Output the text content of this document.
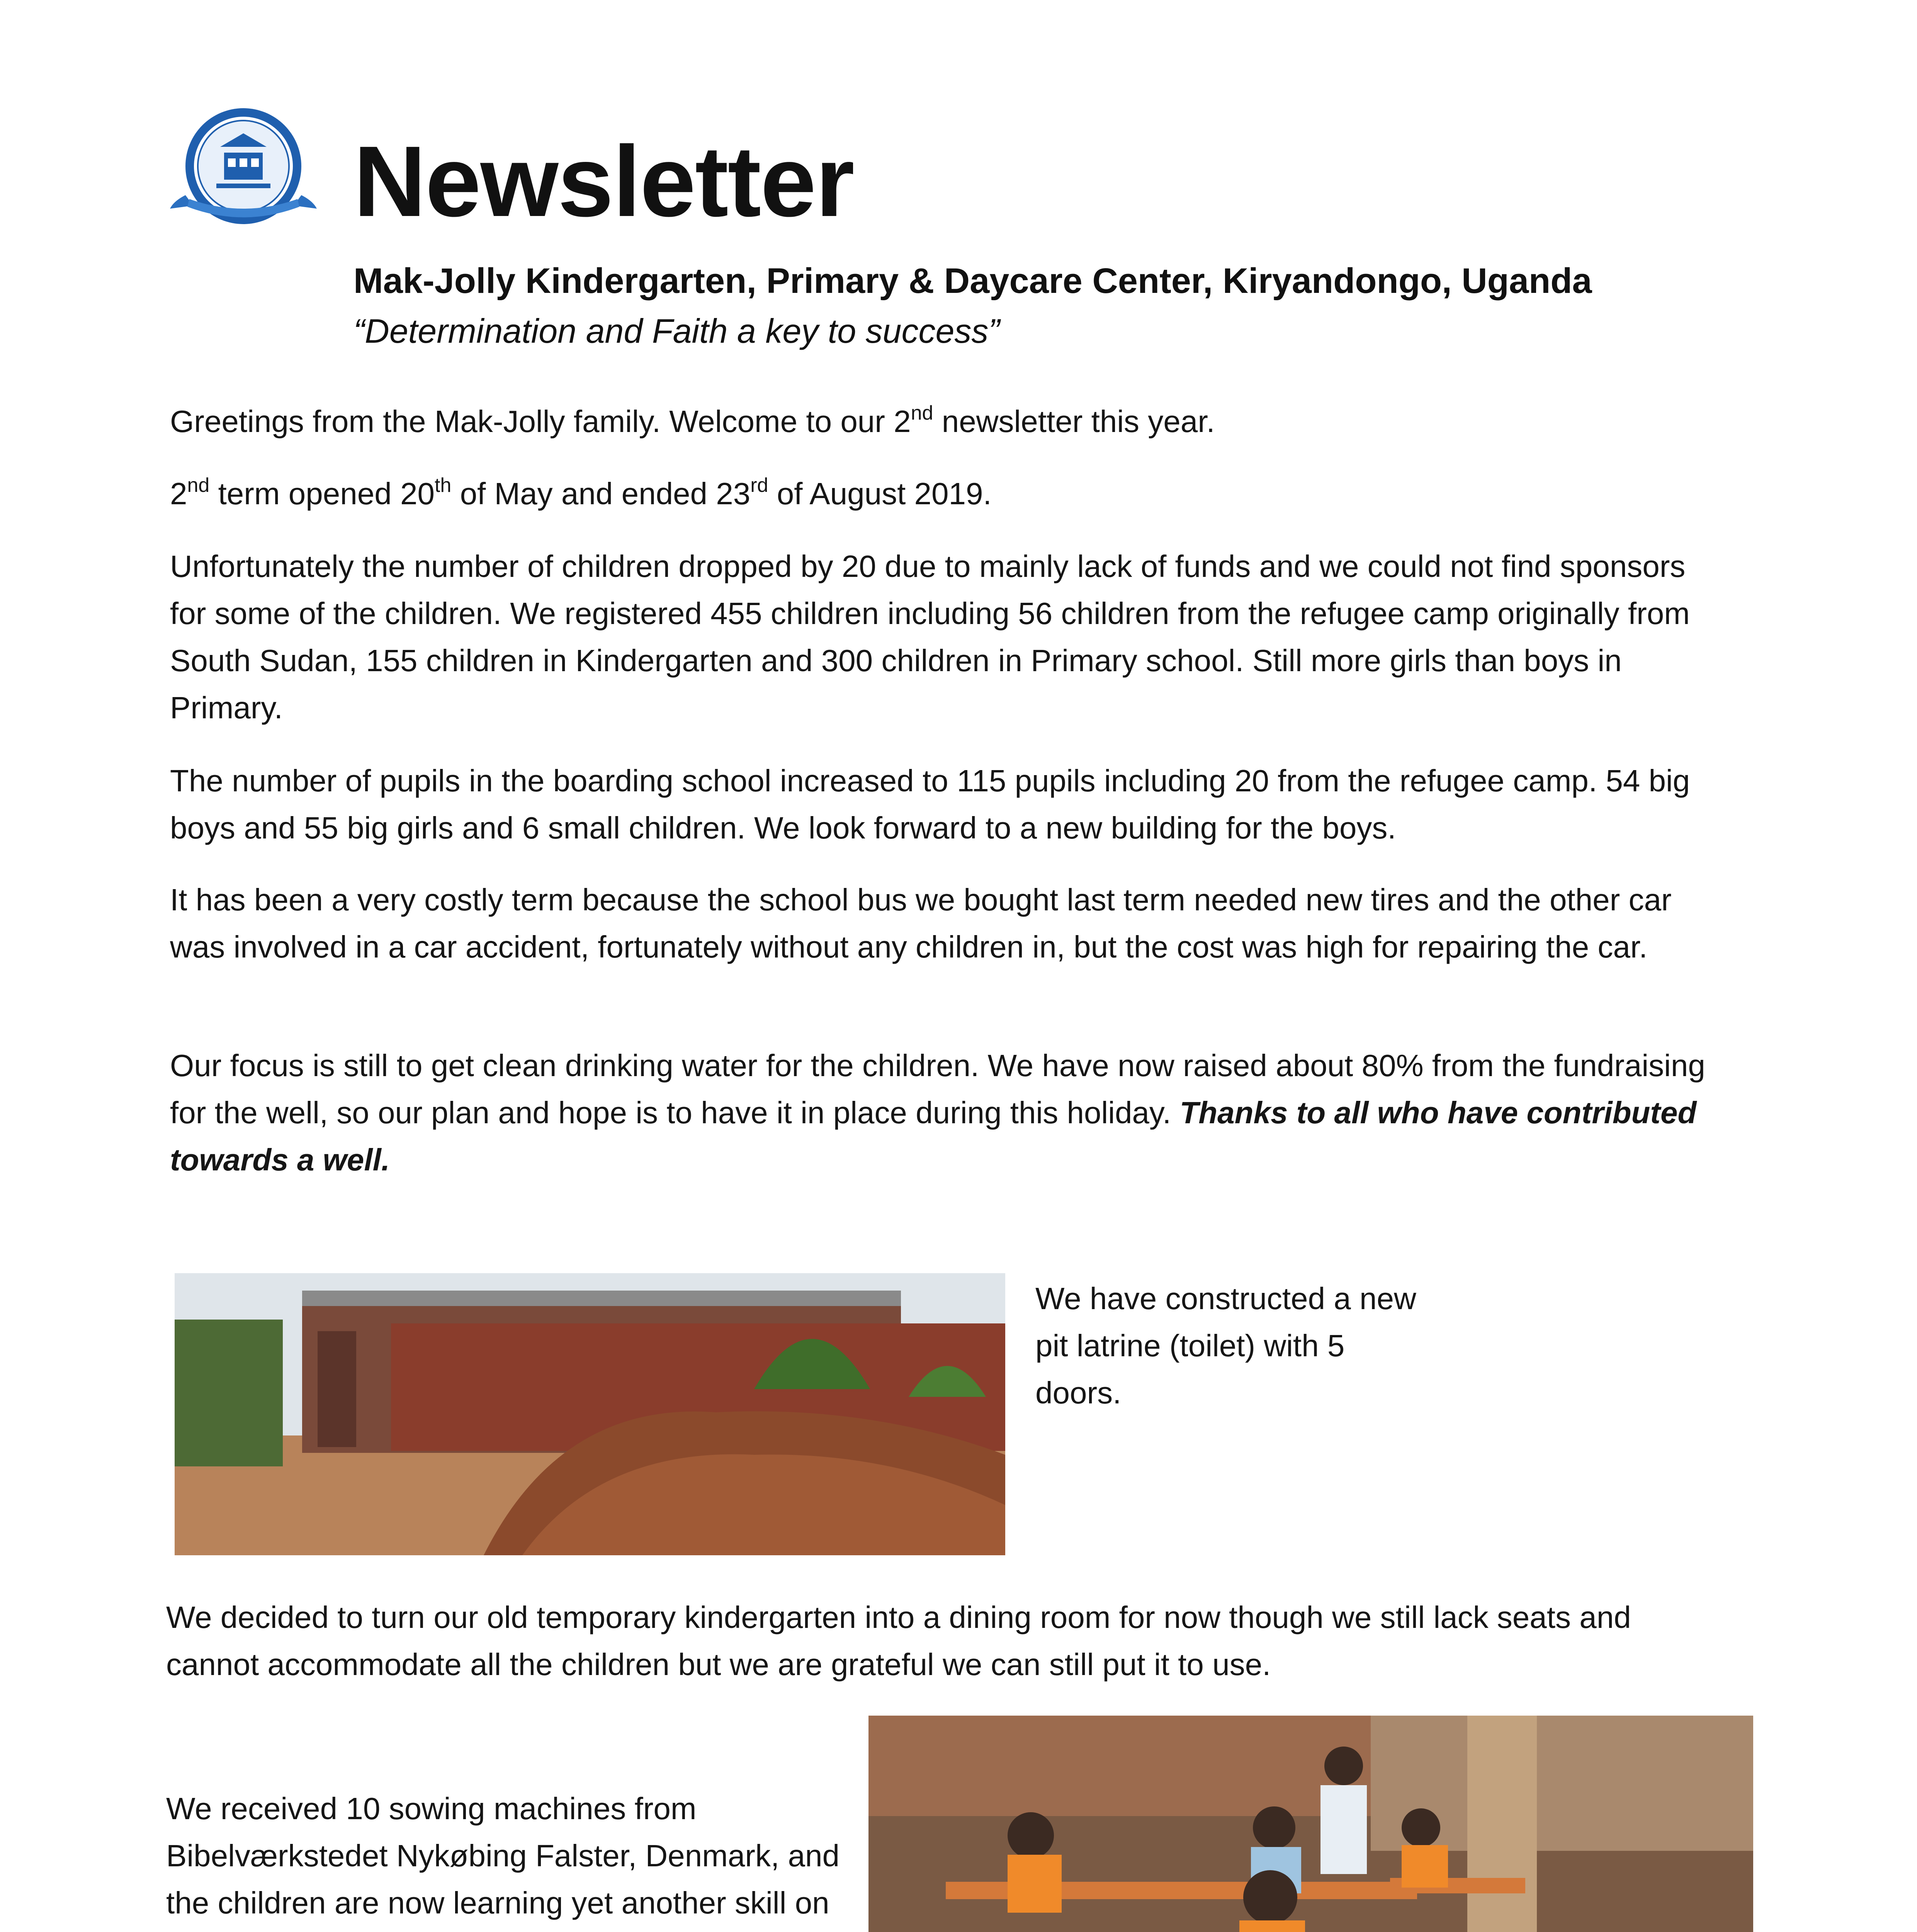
Newsletter
Mak-Jolly Kindergarten, Primary & Daycare Center, Kiryandongo, Uganda
“Determination and Faith a key to success”

Greetings from the Mak-Jolly family. Welcome to our 2nd newsletter this year.

2nd term opened 20th of May and ended 23rd of August 2019.

Unfortunately the number of children dropped by 20 due to mainly lack of funds and we could not find sponsors for some of the children. We registered 455 children including 56 children from the refugee camp originally from South Sudan, 155 children in Kindergarten and 300 children in Primary school. Still more girls than boys in Primary.

The number of pupils in the boarding school increased to 115 pupils including 20 from the refugee camp. 54 big boys and 55 big girls and 6 small children. We look forward to a new building for the boys.

It has been a very costly term because the school bus we bought last term needed new tires and the other car was involved in a car accident, fortunately without any children in, but the cost was high for repairing the car.

Our focus is still to get clean drinking water for the children. We have now raised about 80% from the fundraising for the well, so our plan and hope is to have it in place during this holiday. Thanks to all who have contributed towards a well.

We have constructed a new pit latrine (toilet) with 5 doors.

We decided to turn our old temporary kindergarten into a dining room for now though we still lack seats and cannot accommodate all the children but we are grateful we can still put it to use.

We received 10 sowing machines from Bibelværkstedet Nykøbing Falster, Denmark, and the children are now learning yet another skill on
